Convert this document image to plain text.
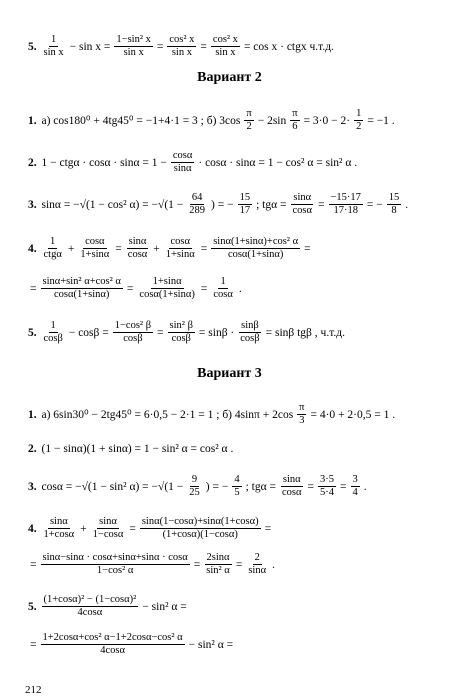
5.
$\frac{1}{\text{sin x}} - \sin x = \frac{\text{1−sin² x}}{\text{sin x}} = \frac{\text{cos² x}}{\text{sin x}} = \frac{\text{cos² x}}{\text{sin x}} = \cos x$ · ctgx ч.т.д.
Вариант 2
1.
а) cos180⁰ + 4tg45⁰ = −1+4·1 = 3 ; б) $3\cos \frac{\pi}{2} - 2\sin \frac{\pi}{6} = 3\cdot 0 - 2\cdot \frac{1}{2} = -1$ .
2.
$1 - ctg\alpha \cdot \cos\alpha \cdot \sin\alpha = 1 - \frac{\cos\alpha}{\sin\alpha} \cdot \cos\alpha \cdot \sin\alpha = 1 - \cos^2$ α = sin² α .
3.
sinα = −√(1 − cos² $\alpha) = -√(1 - \frac{64}{289}$ ) = − $\frac{15}{17}$ ; $tg\alpha = \frac{\sin\alpha}{\cos\alpha} = \frac{-15\cdot 17}{17\cdot 18}$ = − $\frac{15}{8}$ .
4.
$\frac{1}{\text{ctgα}} + \frac{\cos\alpha}{1+\sin\alpha} = \frac{\sin\alpha}{\cos\alpha} + \frac{\cos\alpha}{1+\sin\alpha} = \frac{\text{sinα(1+sinα)+cos² α}}{\cos\alpha(1+\sin\alpha)}$ =
= $\frac{\text{sinα+sin² α+cos² α}}{\cos\alpha(1+\sin\alpha)} = \frac{1+\sin\alpha}{\cos\alpha(1+\sin\alpha)} = \frac{1}{\cos\alpha}$ .
5.
$\frac{1}{\cos\beta} - \cos\beta = \frac{\text{1−cos² β}}{\cos\beta} = \frac{\text{sin² β}}{\cos\beta} = \sin\beta \cdot \frac{\sin\beta}{\cos\beta} = \sin\beta$ tgβ , ч.т.д.
Вариант 3
1.
а) 6sin30⁰ − 2tg45⁰ = 6·0,5 − 2·1 = 1 ; б) $4\sin\pi + 2\cos \frac{\pi}{3} = 4\cdot 0 + 2\cdot 0,5 = 1$ .
2.
(1 − sinα)(1 + sinα) = 1 − sin² α = cos² α .
3.
cosα = −√(1 − sin² $\alpha) = -√(1 - \frac{9}{25}$ ) = − $\frac{4}{5}$ ; $tg\alpha = \frac{\sin\alpha}{\cos\alpha} = \frac{3\cdot 5}{5\cdot 4} = \frac{3}{4}$ .
4.
$\frac{\sin\alpha}{1+\cos\alpha} + \frac{\sin\alpha}{1-\cos\alpha} = \frac{\sin\alpha(1-\cos\alpha)+\sin\alpha(1+\cos\alpha)}{(1+\cos\alpha)(1-\cos\alpha)}$ =
= $\frac{\sin\alpha-\sin\alpha \cdot \cos\alpha+\sin\alpha+\sin\alpha \cdot \cos\alpha}{\text{1−cos² α}} = \frac{2\sin\alpha}{\text{sin² α}} = \frac{2}{\sin\alpha}$ .
5.
$\frac{\text{(1+cosα)² − (1−cosα)²}}{4\cos\alpha} - \sin^2$ α =
= $\frac{\text{1+2cosα+cos² α−1+2cosα−cos² α}}{4\cos\alpha} - \sin^2$ α =
212
